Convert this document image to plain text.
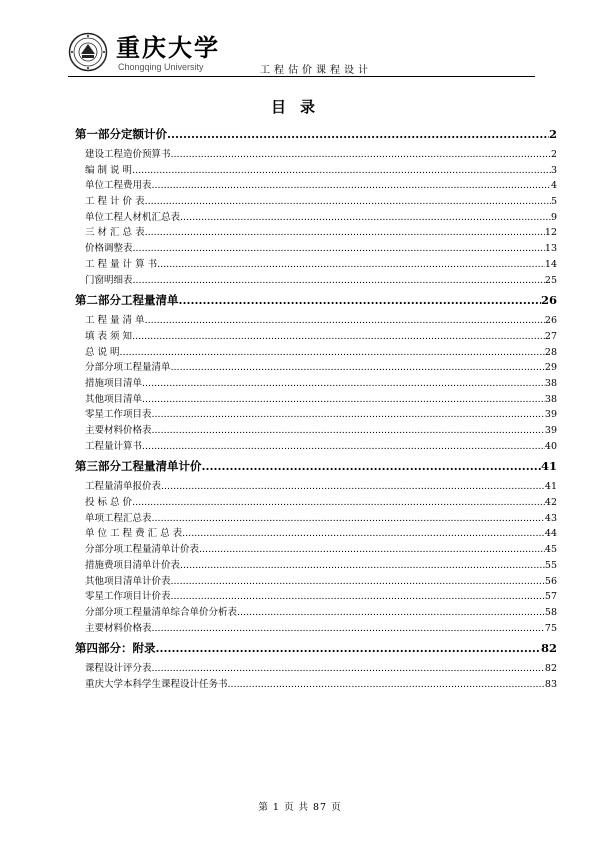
重庆大学
Chongqing University	工程估价课程设计
目录
第一部分定额计价 .....	2
建设工程造价预算书 .....	2
编 制 说 明 .....	3
单位工程费用表 .....	4
工 程 计 价 表 .....	5
单位工程人材机汇总表 .....	9
三 材 汇 总 表 .....	12
价格调整表 .....	13
工 程 量 计 算 书 .....	14
门窗明细表 .....	25
第二部分工程量清单 .....	26
工 程 量 清 单 .....	26
填 表 须 知 .....	27
总 说 明 .....	28
分部分项工程量清单 .....	29
措施项目清单 .....	38
其他项目清单 .....	38
零星工作项目表 .....	39
主要材料价格表 .....	39
工程量计算书 .....	40
第三部分工程量清单计价 .....	41
工程量清单报价表 .....	41
投 标 总 价 .....	42
单项工程汇总表 .....	43
单 位 工 程 费 汇 总 表 .....	44
分部分项工程量清单计价表 .....	45
措施费项目清单计价表 .....	55
其他项目清单计价表 .....	56
零星工作项目计价表 .....	57
分部分项工程量清单综合单价分析表 .....	58
主要材料价格表 .....	75
第四部分：附录 .....	82
课程设计评分表 .....	82
重庆大学本科学生课程设计任务书 .....	83
第 1 页 共 87 页
